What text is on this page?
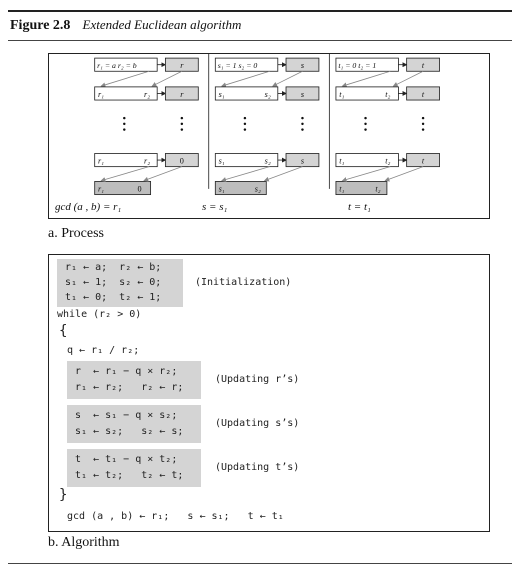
Figure 2.8 Extended Euclidean algorithm
r₁ = a r₂ = b	r
r₁	r₂	r
r₁	r₂	0
r₁	0
s₁ = 1 s₂ = 0	s
s₁	s₂	s
s₁	s₂	s
s₁	s₂
t₁ = 0 t₂ = 1	t
t₁	t₂	t
t₁	t₂	t
t₁	t₂
a. Process
r₁ ← a;  r₂ ← b;
s₁ ← 1;  s₂ ← 0;
t₁ ← 0;  t₂ ← 1;
(Initialization)
while (r₂ > 0)
{
q ← r₁ / r₂;
r  ← r₁ − q × r₂;
r₁ ← r₂;   r₂ ← r;
(Updating r’s)
s  ← s₁ − q × s₂;
s₁ ← s₂;   s₂ ← s;
(Updating s’s)
t  ← t₁ − q × t₂;
t₁ ← t₂;   t₂ ← t;
(Updating t’s)
}
gcd (a , b) ← r₁;   s ← s₁;   t ← t₁
b. Algorithm
gcd (a , b) = r₁	s = s₁	t = t₁
